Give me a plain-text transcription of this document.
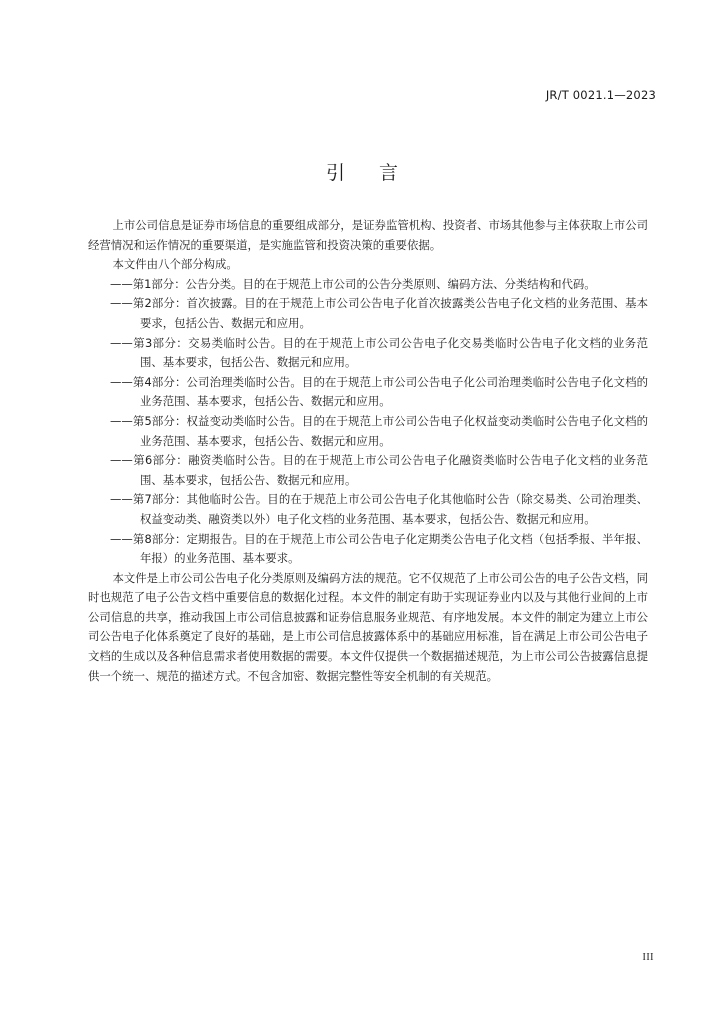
JR/T 0021.1—2023
引言

上市公司信息是证券市场信息的重要组成部分，是证券监管机构、投资者、市场其他参与主体获取上市公司经营情况和运作情况的重要渠道，是实施监管和投资决策的重要依据。

本文件由八个部分构成。

——第1部分：公告分类。目的在于规范上市公司的公告分类原则、编码方法、分类结构和代码。

——第2部分：首次披露。目的在于规范上市公司公告电子化首次披露类公告电子化文档的业务范围、基本要求，包括公告、数据元和应用。

——第3部分：交易类临时公告。目的在于规范上市公司公告电子化交易类临时公告电子化文档的业务范围、基本要求，包括公告、数据元和应用。

——第4部分：公司治理类临时公告。目的在于规范上市公司公告电子化公司治理类临时公告电子化文档的业务范围、基本要求，包括公告、数据元和应用。

——第5部分：权益变动类临时公告。目的在于规范上市公司公告电子化权益变动类临时公告电子化文档的业务范围、基本要求，包括公告、数据元和应用。

——第6部分：融资类临时公告。目的在于规范上市公司公告电子化融资类临时公告电子化文档的业务范围、基本要求，包括公告、数据元和应用。

——第7部分：其他临时公告。目的在于规范上市公司公告电子化其他临时公告（除交易类、公司治理类、权益变动类、融资类以外）电子化文档的业务范围、基本要求，包括公告、数据元和应用。

——第8部分：定期报告。目的在于规范上市公司公告电子化定期类公告电子化文档（包括季报、半年报、年报）的业务范围、基本要求。

本文件是上市公司公告电子化分类原则及编码方法的规范。它不仅规范了上市公司公告的电子公告文档，同时也规范了电子公告文档中重要信息的数据化过程。本文件的制定有助于实现证券业内以及与其他行业间的上市公司信息的共享，推动我国上市公司信息披露和证券信息服务业规范、有序地发展。本文件的制定为建立上市公司公告电子化体系奠定了良好的基础，是上市公司信息披露体系中的基础应用标准，旨在满足上市公司公告电子文档的生成以及各种信息需求者使用数据的需要。本文件仅提供一个数据描述规范，为上市公司公告披露信息提供一个统一、规范的描述方式。不包含加密、数据完整性等安全机制的有关规范。

III
